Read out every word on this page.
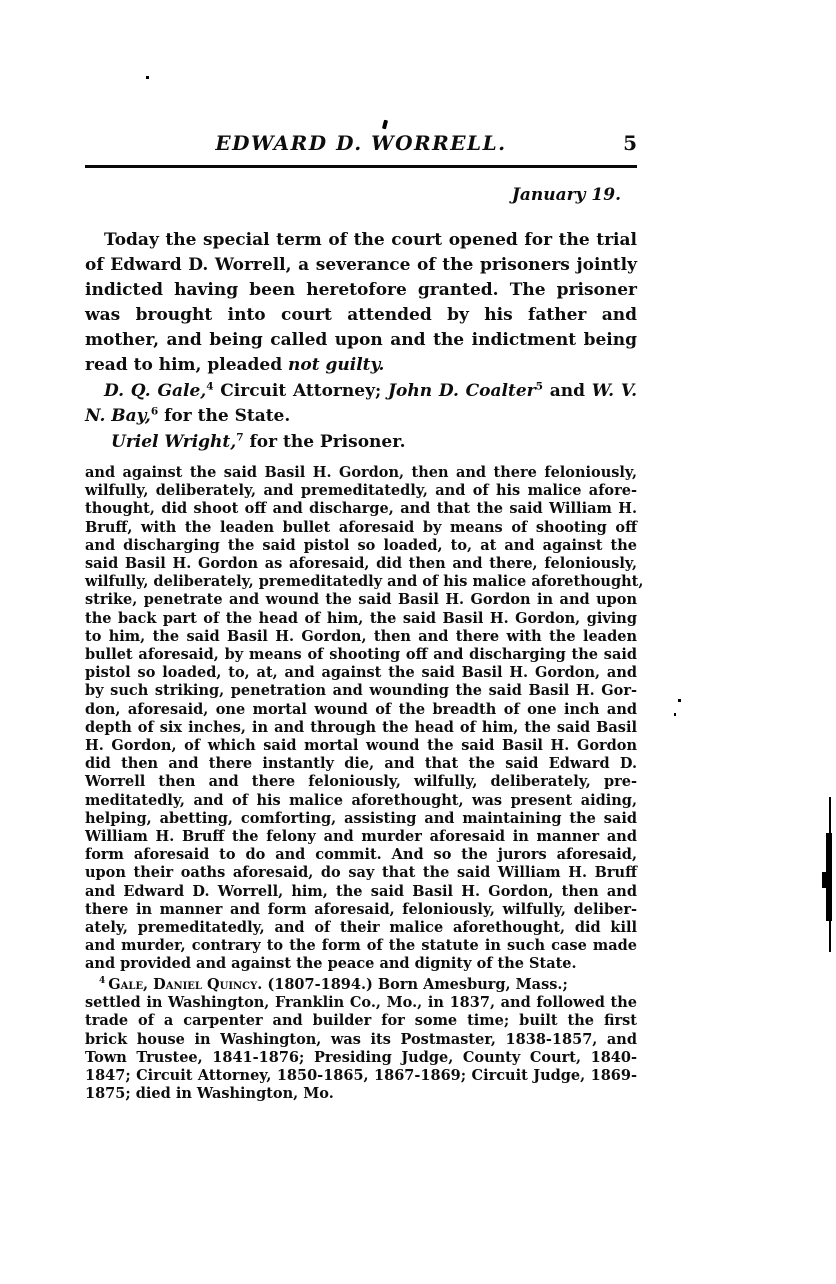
EDWARD D. WORRELL.	5
January 19.

Today the special term of the court opened for the trial of Edward D. Worrell, a severance of the prisoners jointly indicted having been heretofore granted. The prisoner was brought into court attended by his father and mother, and being called upon and the indictment being read to him, pleaded not guilty.

D. Q. Gale,$^4$ Circuit Attorney; John D. Coalter$^5$ and W. V. N. Bay,$^6$ for the State.

Uriel Wright,$^7$ for the Prisoner.

and against the said Basil H. Gordon, then and there feloniously,
wilfully, deliberately, and premeditatedly, and of his malice afore-
thought, did shoot off and discharge, and that the said William H.
Bruff, with the leaden bullet aforesaid by means of shooting off
and discharging the said pistol so loaded, to, at and against the
said Basil H. Gordon as aforesaid, did then and there, feloniously,
wilfully, deliberately, premeditatedly and of his malice aforethought,
strike, penetrate and wound the said Basil H. Gordon in and upon
the back part of the head of him, the said Basil H. Gordon, giving
to him, the said Basil H. Gordon, then and there with the leaden
bullet aforesaid, by means of shooting off and discharging the said
pistol so loaded, to, at, and against the said Basil H. Gordon, and
by such striking, penetration and wounding the said Basil H. Gor-
don, aforesaid, one mortal wound of the breadth of one inch and
depth of six inches, in and through the head of him, the said Basil
H. Gordon, of which said mortal wound the said Basil H. Gordon
did then and there instantly die, and that the said Edward D.
Worrell then and there feloniously, wilfully, deliberately, pre-
meditatedly, and of his malice aforethought, was present aiding,
helping, abetting, comforting, assisting and maintaining the said
William H. Bruff the felony and murder aforesaid in manner and
form aforesaid to do and commit. And so the jurors aforesaid,
upon their oaths aforesaid, do say that the said William H. Bruff
and Edward D. Worrell, him, the said Basil H. Gordon, then and
there in manner and form aforesaid, feloniously, wilfully, deliber-
ately, premeditatedly, and of their malice aforethought, did kill
and murder, contrary to the form of the statute in such case made
and provided and against the peace and dignity of the State.
$^4$ Gale, Daniel Quincy. (1807-1894.) Born Amesburg, Mass.;
settled in Washington, Franklin Co., Mo., in 1837, and followed the
trade of a carpenter and builder for some time; built the first
brick house in Washington, was its Postmaster, 1838-1857, and
Town Trustee, 1841-1876; Presiding Judge, County Court, 1840-
1847; Circuit Attorney, 1850-1865, 1867-1869; Circuit Judge, 1869-
1875; died in Washington, Mo.
